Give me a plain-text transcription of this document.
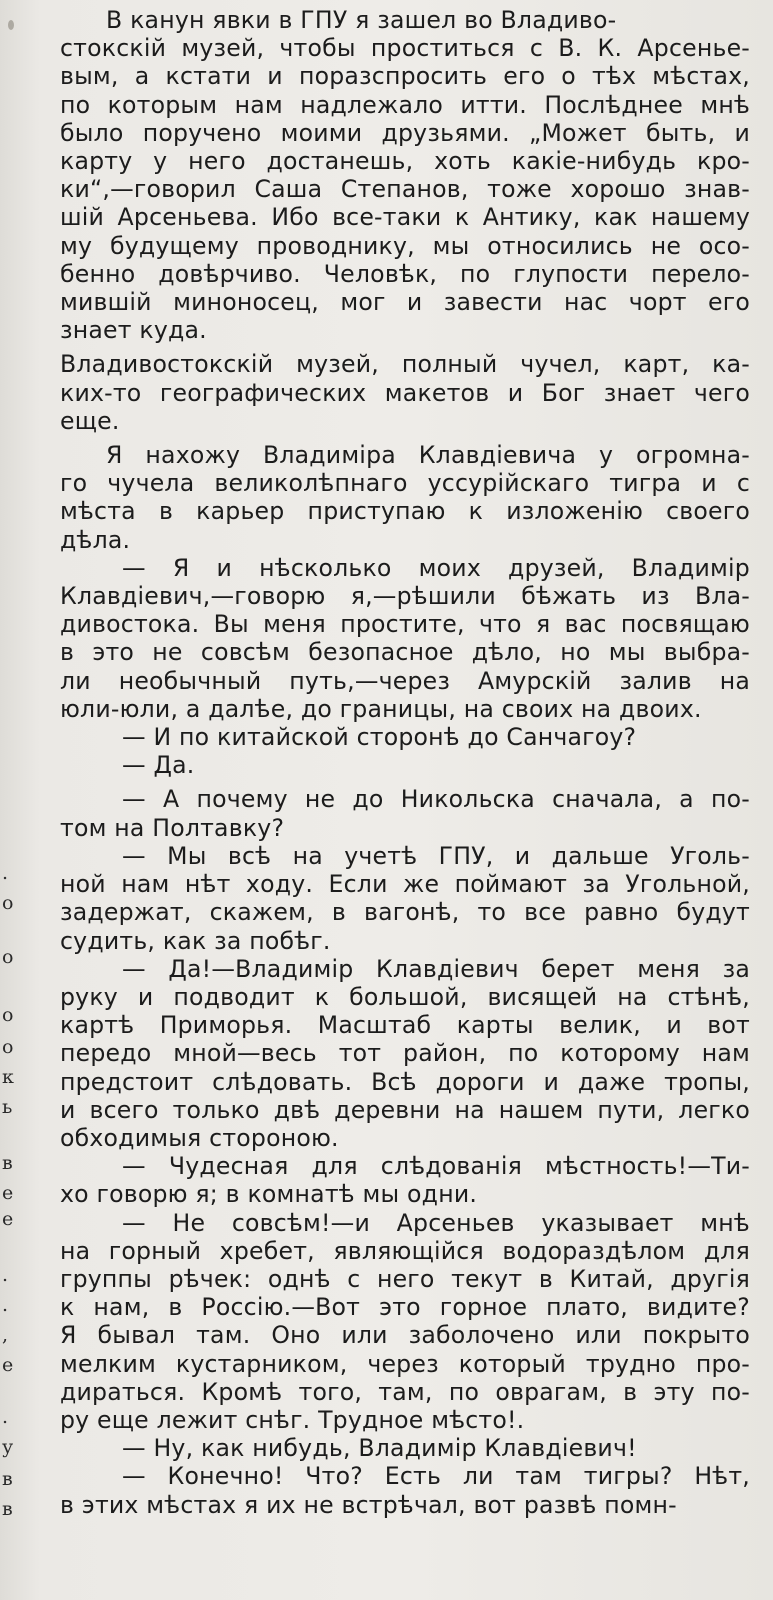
.
о
о
о
о
к
ь
в
е
е
.
.
,
е
.
у
в
в

В канун явки в ГПУ я зашел во Владиво-

стокскiй музей, чтобы проститься с В. К. Арсенье-

вым, а кстати и поразспросить его о тѣх мѣстах,

по которым нам надлежало итти. Послѣднее мнѣ

было поручено моими друзьями. „Может быть, и

карту у него достанешь, хоть какiе-нибудь кро-

ки“,—говорил Саша Степанов, тоже хорошо знав-

шiй Арсеньева. Ибо все-таки к Антику, как нашему

му будущему проводнику, мы относились не осо-

бенно довѣрчиво. Человѣк, по глупости перело-

мившiй миноносец, мог и завести нас чорт его

знает куда.

Владивостокскiй музей, полный чучел, карт, ка-

ких-то географических макетов и Бог знает чего

еще.

Я нахожу Владимiра Клавдiевича у огромна-

го чучела великолѣпнаго уссурiйскаго тигра и с

мѣста в карьер приступаю к изложенiю своего

дѣла.

— Я и нѣсколько моих друзей, Владимiр

Клавдiевич,—говорю я,—рѣшили бѣжать из Вла-

дивостока. Вы меня простите, что я вас посвящаю

в это не совсѣм безопасное дѣло, но мы выбра-

ли необычный путь,—через Амурскiй залив на

юли-юли, а далѣе, до границы, на своих на двоих.

— И по китайской сторонѣ до Санчагоу?

— Да.

— А почему не до Никольска сначала, а по-

том на Полтавку?

— Мы всѣ на учетѣ ГПУ, и дальше Уголь-

ной нам нѣт ходу. Если же поймают за Угольной,

задержат, скажем, в вагонѣ, то все равно будут

судить, как за побѣг.

— Да!—Владимiр Клавдiевич берет меня за

руку и подводит к большой, висящей на стѣнѣ,

картѣ Приморья. Масштаб карты велик, и вот

передо мной—весь тот район, по которому нам

предстоит слѣдовать. Всѣ дороги и даже тропы,

и всего только двѣ деревни на нашем пути, легко

обходимыя стороною.

— Чудесная для слѣдованiя мѣстность!—Ти-

хо говорю я; в комнатѣ мы одни.

— Не совсѣм!—и Арсеньев указывает мнѣ

на горный хребет, являющiйся водораздѣлом для

группы рѣчек: однѣ с него текут в Китай, другiя

к нам, в Россiю.—Вот это горное плато, видите?

Я бывал там. Оно или заболочено или покрыто

мелким кустарником, через который трудно про-

дираться. Кромѣ того, там, по оврагам, в эту по-

ру еще лежит снѣг. Трудное мѣсто!.

— Ну, как нибудь, Владимiр Клавдiевич!

— Конечно! Что? Есть ли там тигры? Нѣт,

в этих мѣстах я их не встрѣчал, вот развѣ помн-
